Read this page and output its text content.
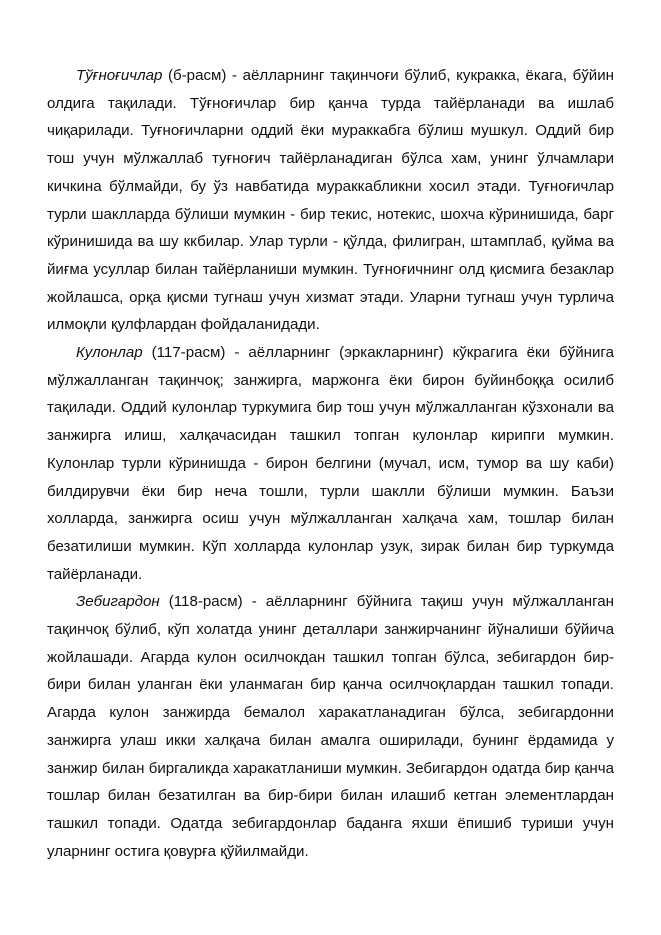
Тўғноғичлар (б-расм) - аёлларнинг тақинчоғи бўлиб, кукракка, ёкага, бўйин олдига тақилади. Тўғноғичлар бир қанча турда тайёрланади ва ишлаб чиқарилади. Туғноғичларни оддий ёки мураккабга бўлиш мушкул. Оддий бир тош учун мўлжаллаб туғноғич тайёрланадиган бўлса хам, унинг ўлчамлари кичкина бўлмайди, бу ўз навбатида мураккабликни хосил этади. Туғноғичлар турли шаклларда бўлиши мумкин - бир текис, нотекис, шохча кўринишида, барг кўринишида ва шу ккбилар. Улар турли - қўлда, филигран, штамплаб, қуйма ва йиғма усуллар билан тайёрланиши мумкин. Туғноғичнинг олд қисмига безаклар жойлашса, орқа қисми тугнаш учун хизмат этади. Уларни тугнаш учун турлича илмоқли қулфлардан фойдаланидади.

Кулонлар (117-расм) - аёлларнинг (эркакларнинг) кўкрагига ёки бўйнига мўлжалланган тақинчоқ; занжирга, маржонга ёки бирон буйинбоққа осилиб тақилади. Оддий кулонлар туркумига бир тош учун мўлжалланган кўзхонали ва занжирга илиш, халқачасидан ташкил топган кулонлар кирипги мумкин. Кулонлар турли кўринишда - бирон белгини (мучал, исм, тумор ва шу каби) билдирувчи ёки бир неча тошли, турли шаклли бўлиши мумкин. Баъзи холларда, занжирга осиш учун мўлжалланган халқача хам, тошлар билан безатилиши мумкин. Кўп холларда кулонлар узук, зирак билан бир туркумда тайёрланади.

Зебигардон (118-расм) - аёлларнинг бўйнига тақиш учун мўлжалланган тақинчоқ бўлиб, кўп холатда унинг деталлари занжирчанинг йўналиши бўйича жойлашади. Агарда кулон осилчокдан ташкил топган бўлса, зебигардон бир-бири билан уланган ёки уланмаган бир қанча осилчоқлардан ташкил топади. Агарда кулон занжирда бемалол харакатланадиган бўлса, зебигардонни занжирга улаш икки халқача билан амалга оширилади, бунинг ёрдамида у занжир билан биргаликда харакатланиши мумкин. Зебигардон одатда бир қанча тошлар билан безатилган ва бир-бири билан илашиб кетган элементлардан ташкил топади. Одатда зебигардонлар баданга яхши ёпишиб туриши учун уларнинг остига қовурға қўйилмайди.
